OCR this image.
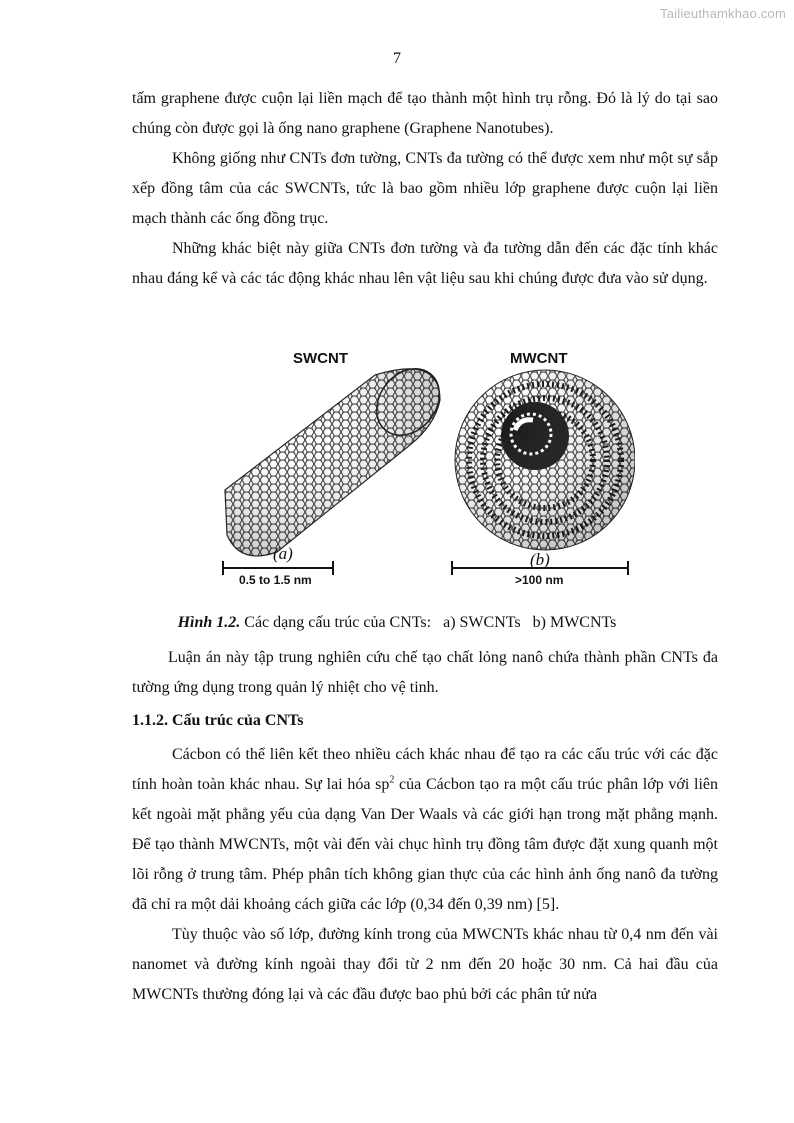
Tailieuthamkhao.com
7

tấm graphene được cuộn lại liền mạch để tạo thành một hình trụ rỗng. Đó là lý do tại sao chúng còn được gọi là ống nano graphene (Graphene Nanotubes).

Không giống như CNTs đơn tường, CNTs đa tường có thể được xem như một sự sắp xếp đồng tâm của các SWCNTs, tức là bao gồm nhiều lớp graphene được cuộn lại liền mạch thành các ống đồng trục.

Những khác biệt này giữa CNTs đơn tường và đa tường dẫn đến các đặc tính khác nhau đáng kể và các tác động khác nhau lên vật liệu sau khi chúng được đưa vào sử dụng.

SWCNT	MWCNT
(a)	(b)
0.5 to 1.5 nm	>100 nm
Hình 1.2. Các dạng cấu trúc của CNTs:   a) SWCNTs   b) MWCNTs

Luận án này tập trung nghiên cứu chế tạo chất lỏng nanô chứa thành phần CNTs đa tường ứng dụng trong quản lý nhiệt cho vệ tinh.

1.1.2. Cấu trúc của CNTs

Cácbon có thể liên kết theo nhiều cách khác nhau để tạo ra các cấu trúc với các đặc tính hoàn toàn khác nhau. Sự lai hóa $sp^2$ của Cácbon tạo ra một cấu trúc phân lớp với liên kết ngoài mặt phẳng yếu của dạng Van Der Waals và các giới hạn trong mặt phẳng mạnh. Để tạo thành MWCNTs, một vài đến vài chục hình trụ đồng tâm được đặt xung quanh một lõi rỗng ở trung tâm. Phép phân tích không gian thực của các hình ảnh ống nanô đa tường đã chỉ ra một dải khoảng cách giữa các lớp (0,34 đến 0,39 nm) [5].

Tùy thuộc vào số lớp, đường kính trong của MWCNTs khác nhau từ 0,4 nm đến vài nanomet và đường kính ngoài thay đổi từ 2 nm đến 20 hoặc 30 nm. Cả hai đầu của MWCNTs thường đóng lại và các đầu được bao phủ bởi các phân tử nửa
